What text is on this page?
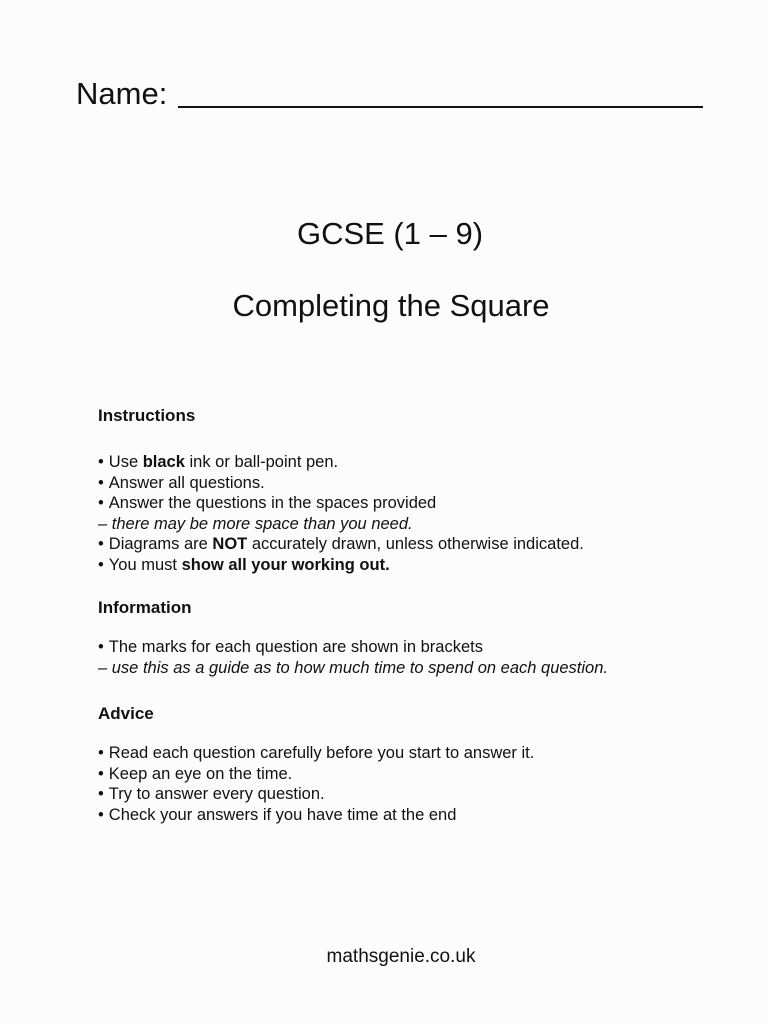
Name:
GCSE (1 – 9)
Completing the Square
Instructions
• Use black ink or ball-point pen.
• Answer all questions.
• Answer the questions in the spaces provided
– there may be more space than you need.
• Diagrams are NOT accurately drawn, unless otherwise indicated.
• You must show all your working out.
Information
• The marks for each question are shown in brackets
– use this as a guide as to how much time to spend on each question.
Advice
• Read each question carefully before you start to answer it.
• Keep an eye on the time.
• Try to answer every question.
• Check your answers if you have time at the end
mathsgenie.co.uk
